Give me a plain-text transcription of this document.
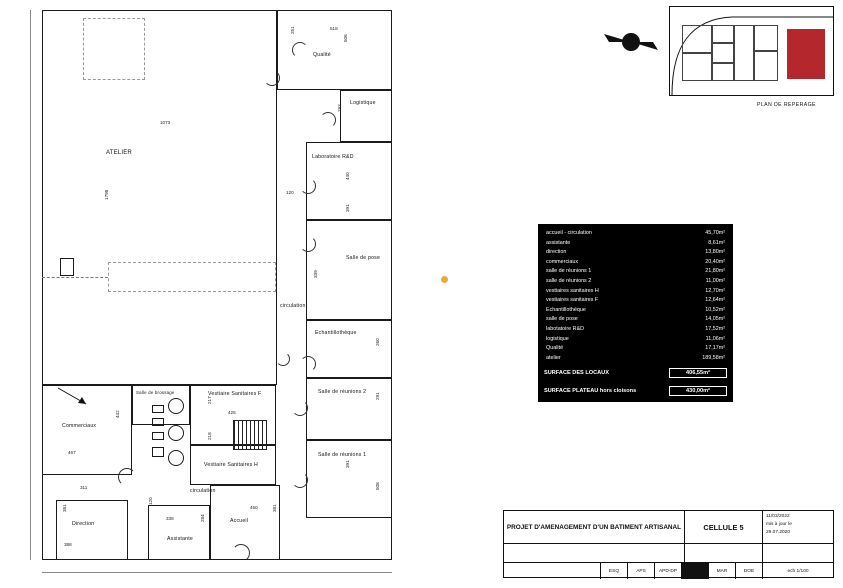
ATELIER
1073
1798
Qualité
518
251
506
Logistique
293
Laboratoire R&D
120
440
391
Salle de pose
339
Echantillothèque
260
circulation
Salle de réunions 2
291
Salle de réunions 1
391
508
Commerciaux
467
442
Salle de brossage	Vestiaire Sanitaires F
217
425
Vestiaire Sanitaires H
218
Direction
381
388
311
Assistante
338	284
120
Accueil
450	381
circulation
accueil - circulation	45,70m²
assistante	8,61m²
direction	13,80m²
commerciaux	20,40m²
salle de réunions 1	21,80m²
salle de réunions 2	11,00m²
vestiaires sanitaires H	12,70m²
vestiaires sanitaires F	12,64m²
Echantillothèque	10,52m²
salle de pose	14,05m²
labotatoire R&D	17,52m²
logistique	11,06m²
Qualité	17,17m²
atelier	189,58m²
SURFACE DES LOCAUX	406,55m²
SURFACE PLATEAU hors cloisons	430,00m²
PLAN DE REPERAGE
PROJET D'AMENAGEMENT D'UN BATIMENT ARTISANAL	CELLULE 5
11/03/2022
mis à jour le
29.07.2020
ESQ	APS	APD-DP	MAR	DOE	ech 1/100
